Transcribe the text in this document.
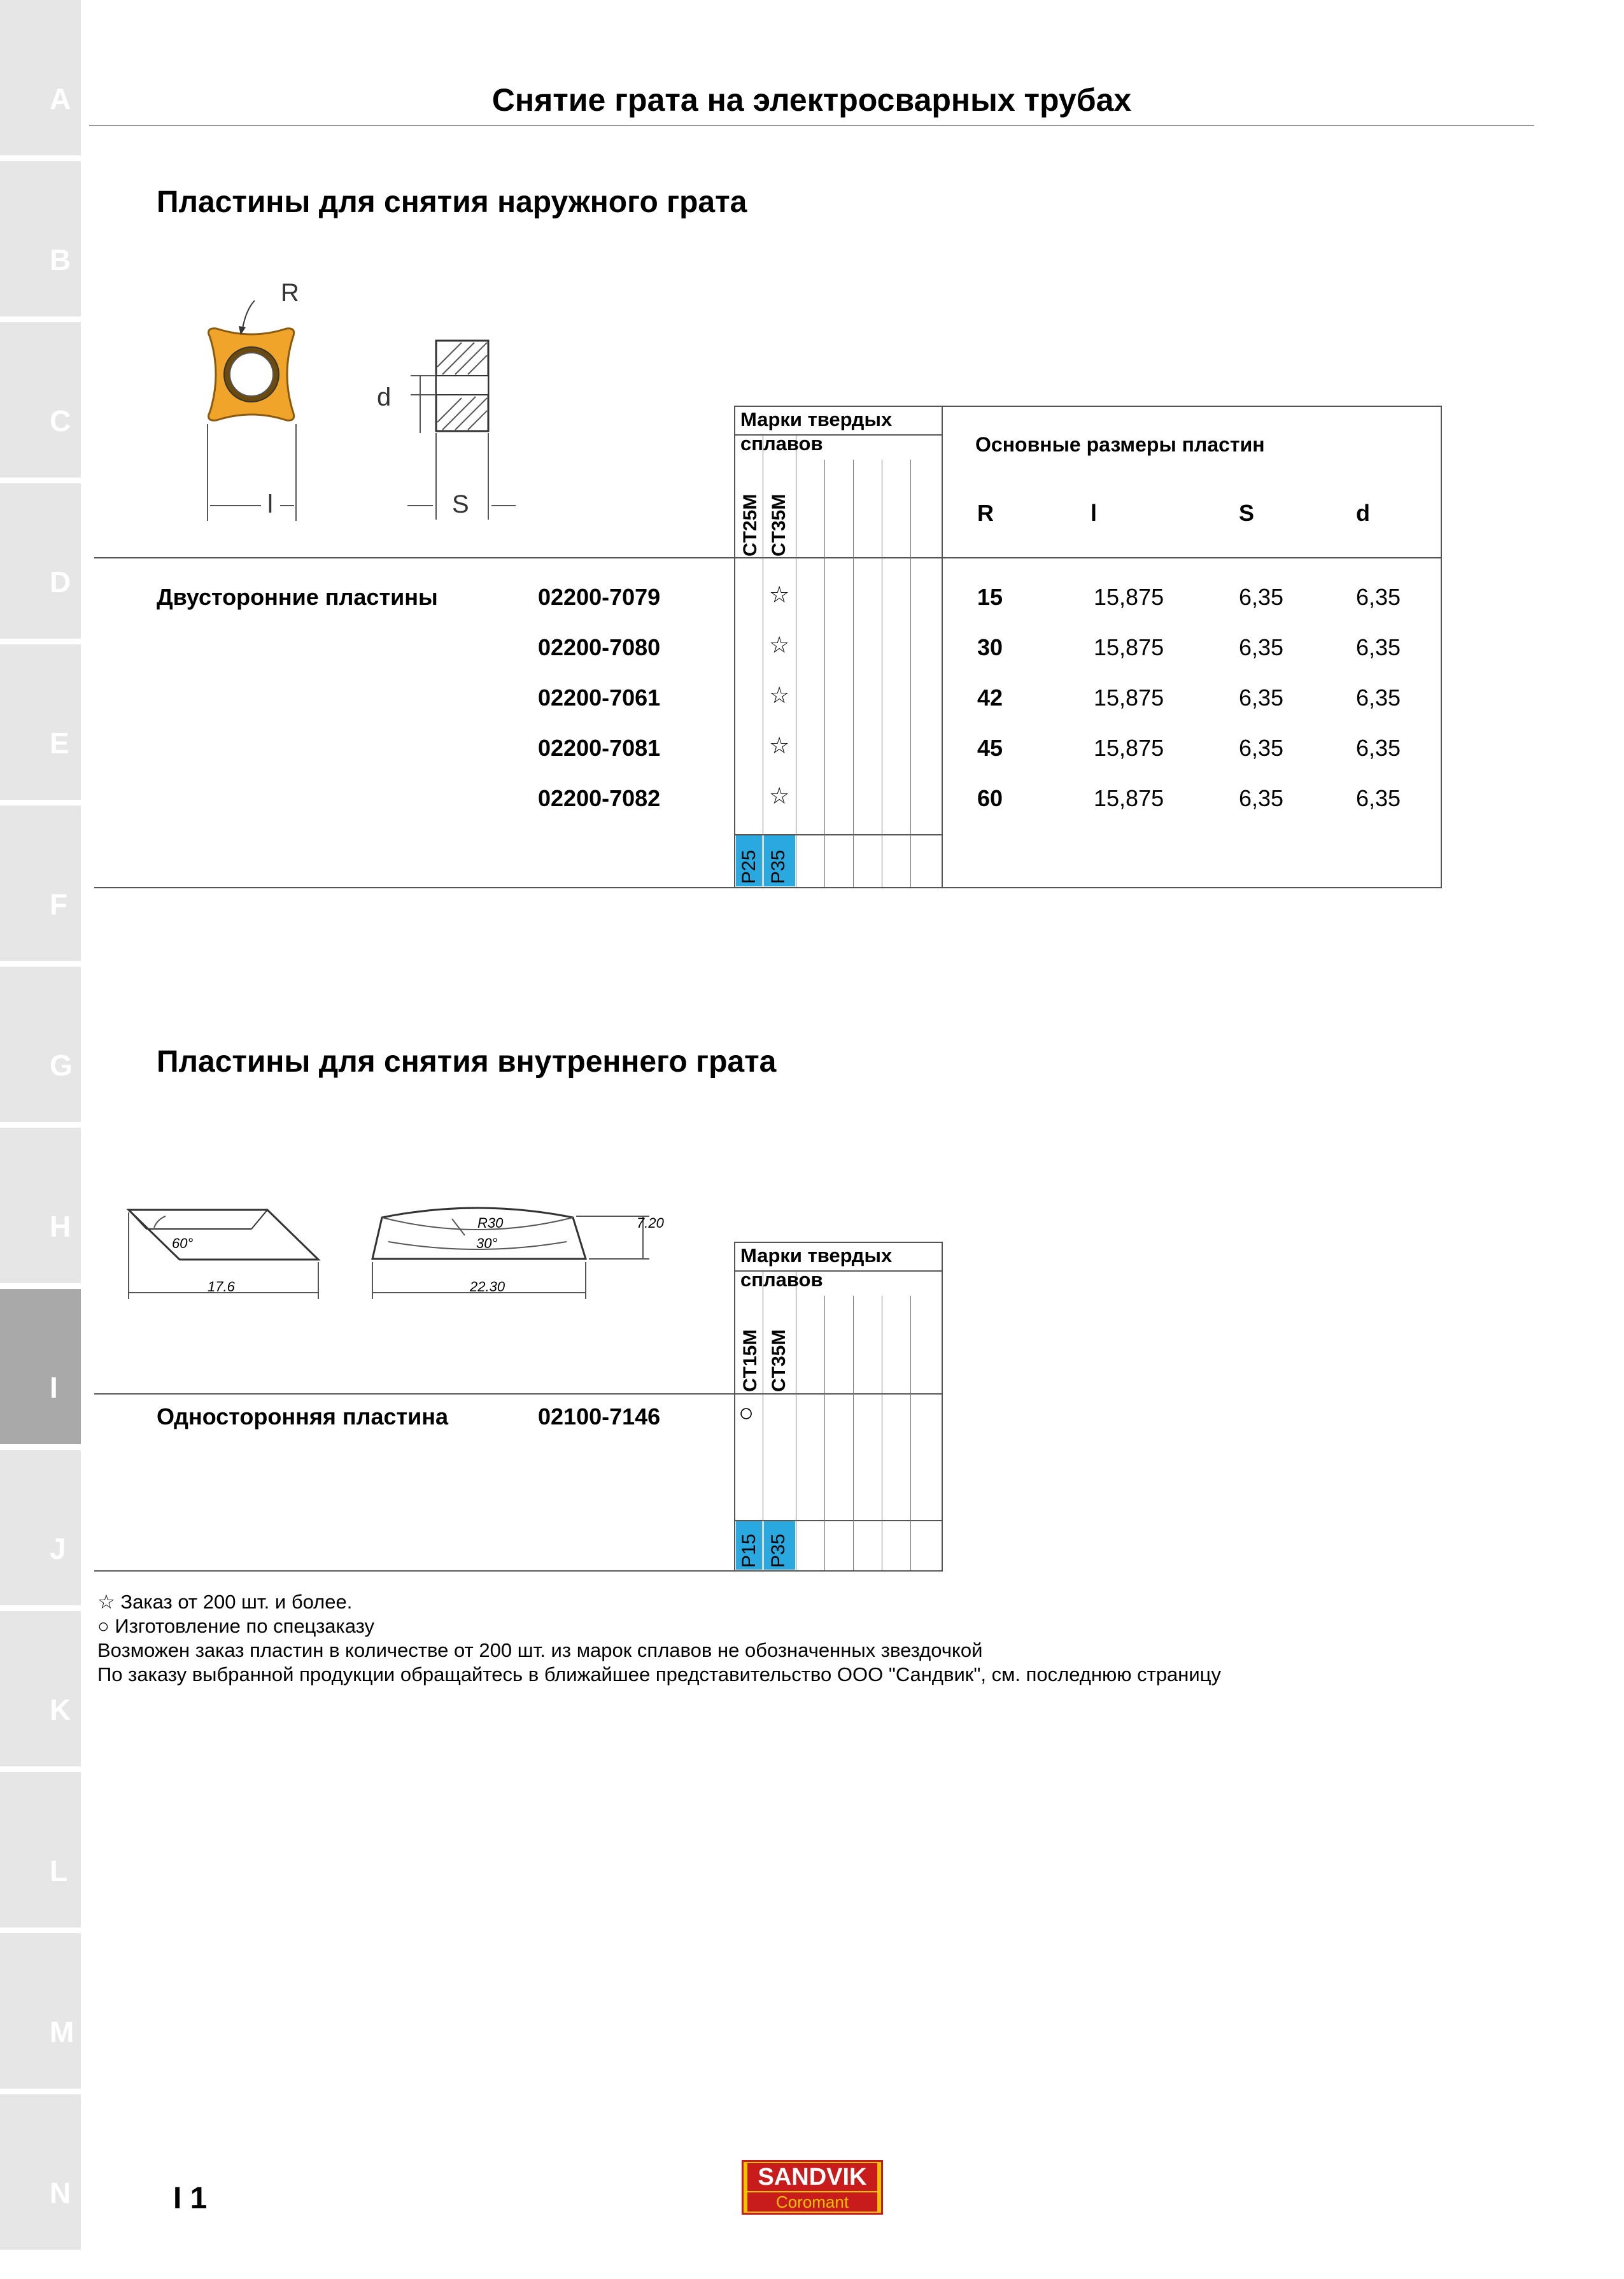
A
B
C
D
E
F
G
H
I
J
K
L
M
N
Снятие грата на электросварных трубах
Пластины для снятия наружного грата
R
d
l	S
Марки твердых сплавов	Основные размеры пластин
CT25M CT35M
P25 P35
R	l	S	d
Двусторонние пластины	02200-7079	☆	15	15,875	6,35	6,35
02200-7080	☆	30	15,875	6,35	6,35
02200-7061	☆	42	15,875	6,35	6,35
02200-7081	☆	45	15,875	6,35	6,35
02200-7082	☆	60	15,875	6,35	6,35
Пластины для снятия внутреннего грата
60°
17.6
R30
30°
7.20
22.30
Марки твердых сплавов
CT15M CT35M
P15 P35
Односторонняя пластина	02100-7146	○
☆ Заказ от 200 шт. и более.
○ Изготовление по спецзаказу
Возможен заказ пластин в количестве от 200 шт. из марок сплавов не обозначенных звездочкой
По заказу выбранной продукции обращайтесь в ближайшее представительство ООО "Сандвик", см. последнюю страницу
I 1
SANDVIK
Coromant
